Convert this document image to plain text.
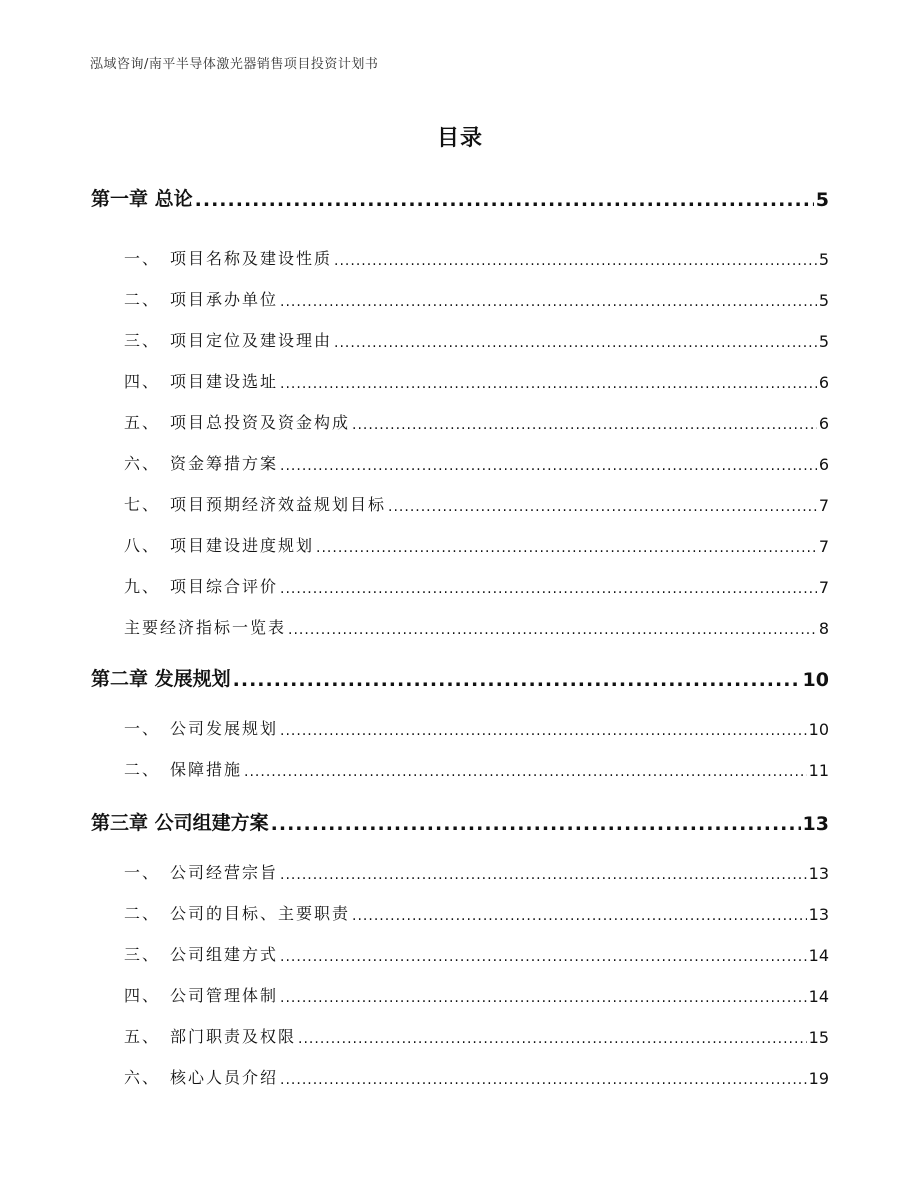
泓域咨询/南平半导体激光器销售项目投资计划书
目录
第一章 总论 .....	5
一、 项目名称及建设性质 .....	5
二、 项目承办单位 .....	5
三、 项目定位及建设理由 .....	5
四、 项目建设选址 .....	6
五、 项目总投资及资金构成 .....	6
六、 资金筹措方案 .....	6
七、 项目预期经济效益规划目标 .....	7
八、 项目建设进度规划 .....	7
九、 项目综合评价 .....	7
主要经济指标一览表 .....	8
第二章 发展规划 .....	10
一、 公司发展规划 .....	10
二、 保障措施 .....	11
第三章 公司组建方案 .....	13
一、 公司经营宗旨 .....	13
二、 公司的目标、主要职责 .....	13
三、 公司组建方式 .....	14
四、 公司管理体制 .....	14
五、 部门职责及权限 .....	15
六、 核心人员介绍 .....	19
